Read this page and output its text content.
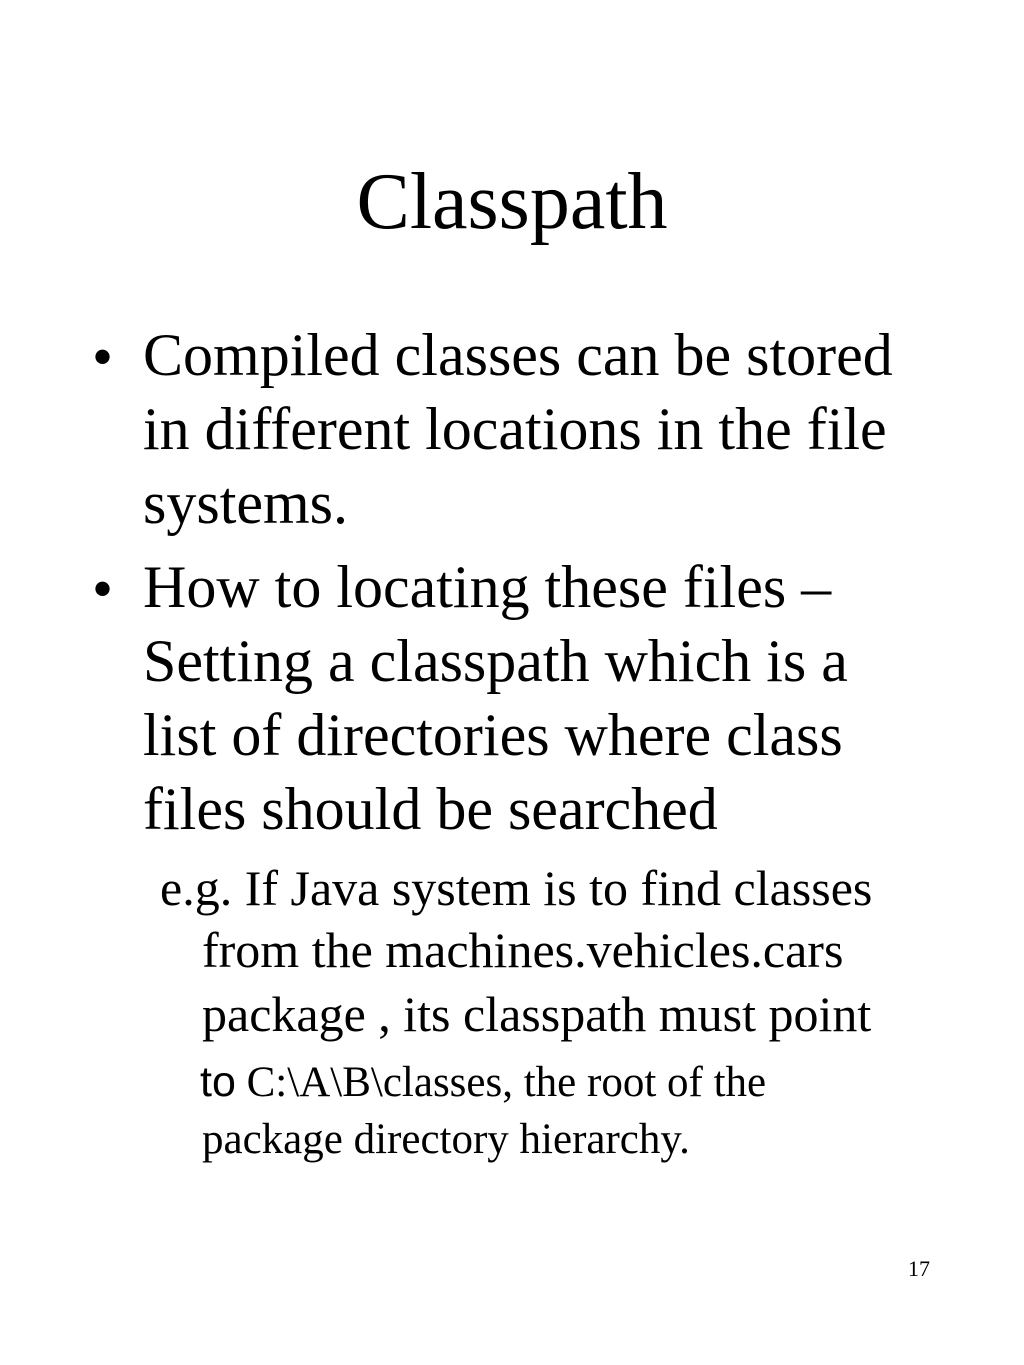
Classpath
• Compiled classes can be stored
in different locations in the file
systems.
• How to locating these files –
Setting a classpath which is a
list of directories where class
files should be searched
e.g. If Java system is to find classes
from the machines.vehicles.cars
package , its classpath must point
to C:\A\B\classes, the root of the
package directory hierarchy.
17
